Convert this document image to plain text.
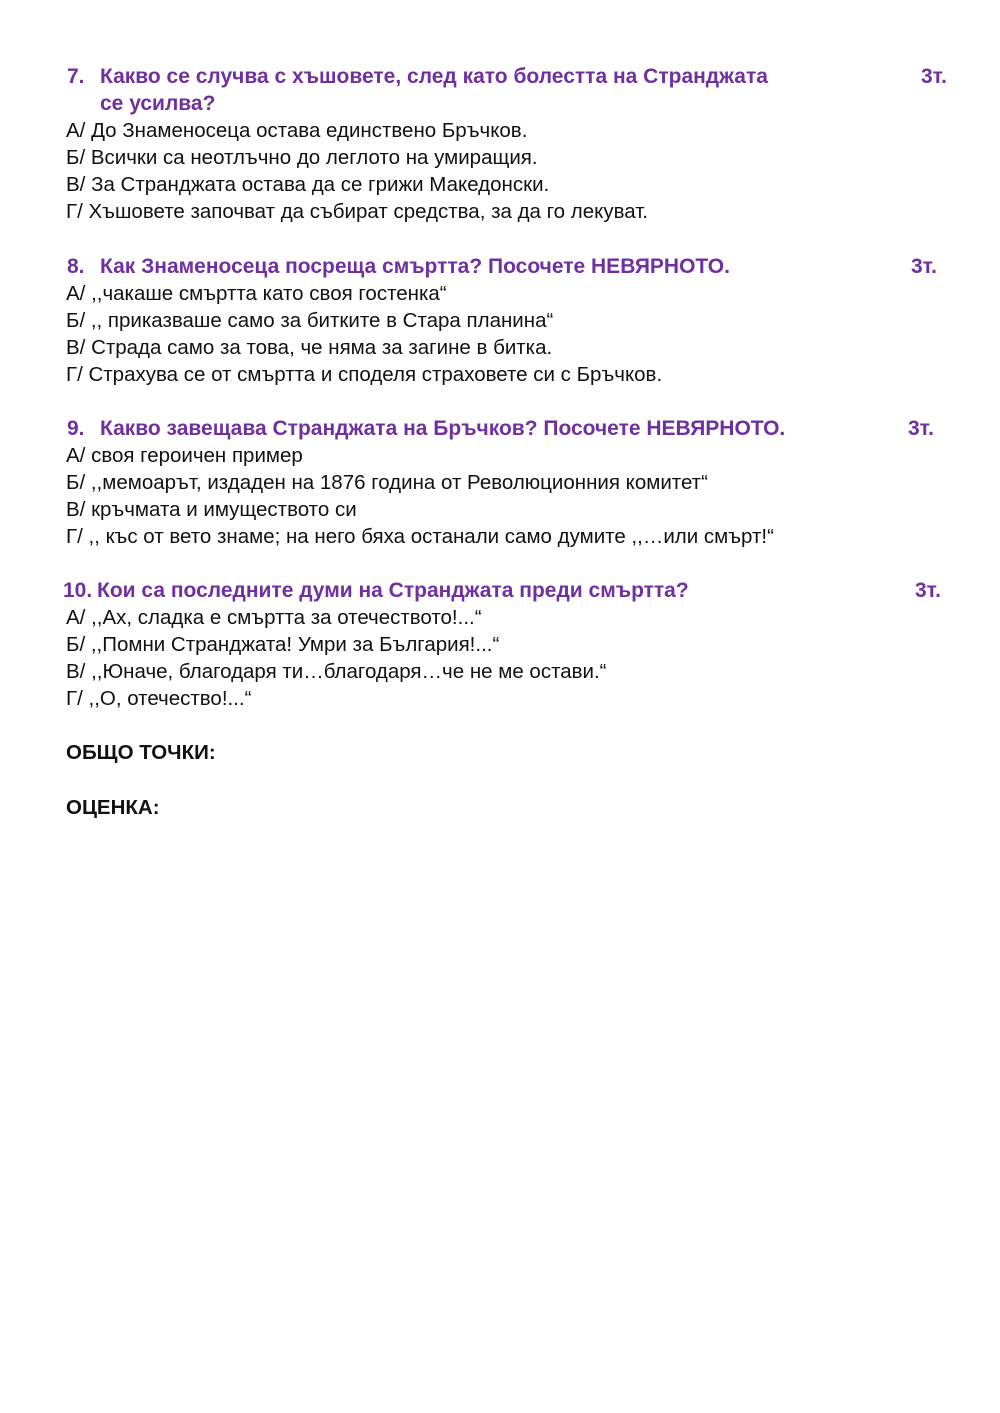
7. Какво се случва с хъшовете, след като болестта на Странджата
се усилва?
3т.
А/ До Знаменосеца остава единствено Бръчков.
Б/ Всички са неотлъчно до леглото на умиращия.
В/ За Странджата остава да се грижи Македонски.
Г/ Хъшовете започват да събират средства, за да го лекуват.
8. Как Знаменосеца посреща смъртта? Посочете НЕВЯРНОТО.	3т.
А/ ,,чакаше смъртта като своя гостенка“
Б/ ,, приказваше само за битките в Стара планина“
В/ Страда само за това, че няма за загине в битка.
Г/ Страхува се от смъртта и споделя страховете си с Бръчков.
9. Какво завещава Странджата на Бръчков? Посочете НЕВЯРНОТО.	3т.
А/ своя героичен пример
Б/ ,,мемоарът, издаден на 1876 година от Революционния комитет“
В/ кръчмата и имуществото си
Г/ ,, къс от вето знаме; на него бяха останали само думите ,,…или смърт!“
10. Кои са последните думи на Странджата преди смъртта?	3т.
А/ ,,Ах, сладка е смъртта за отечеството!...“
Б/ ,,Помни Странджата! Умри за България!...“
В/ ,,Юначе, благодаря ти…благодаря…че не ме остави.“
Г/ ,,О, отечество!...“
ОБЩО ТОЧКИ:
ОЦЕНКА:
